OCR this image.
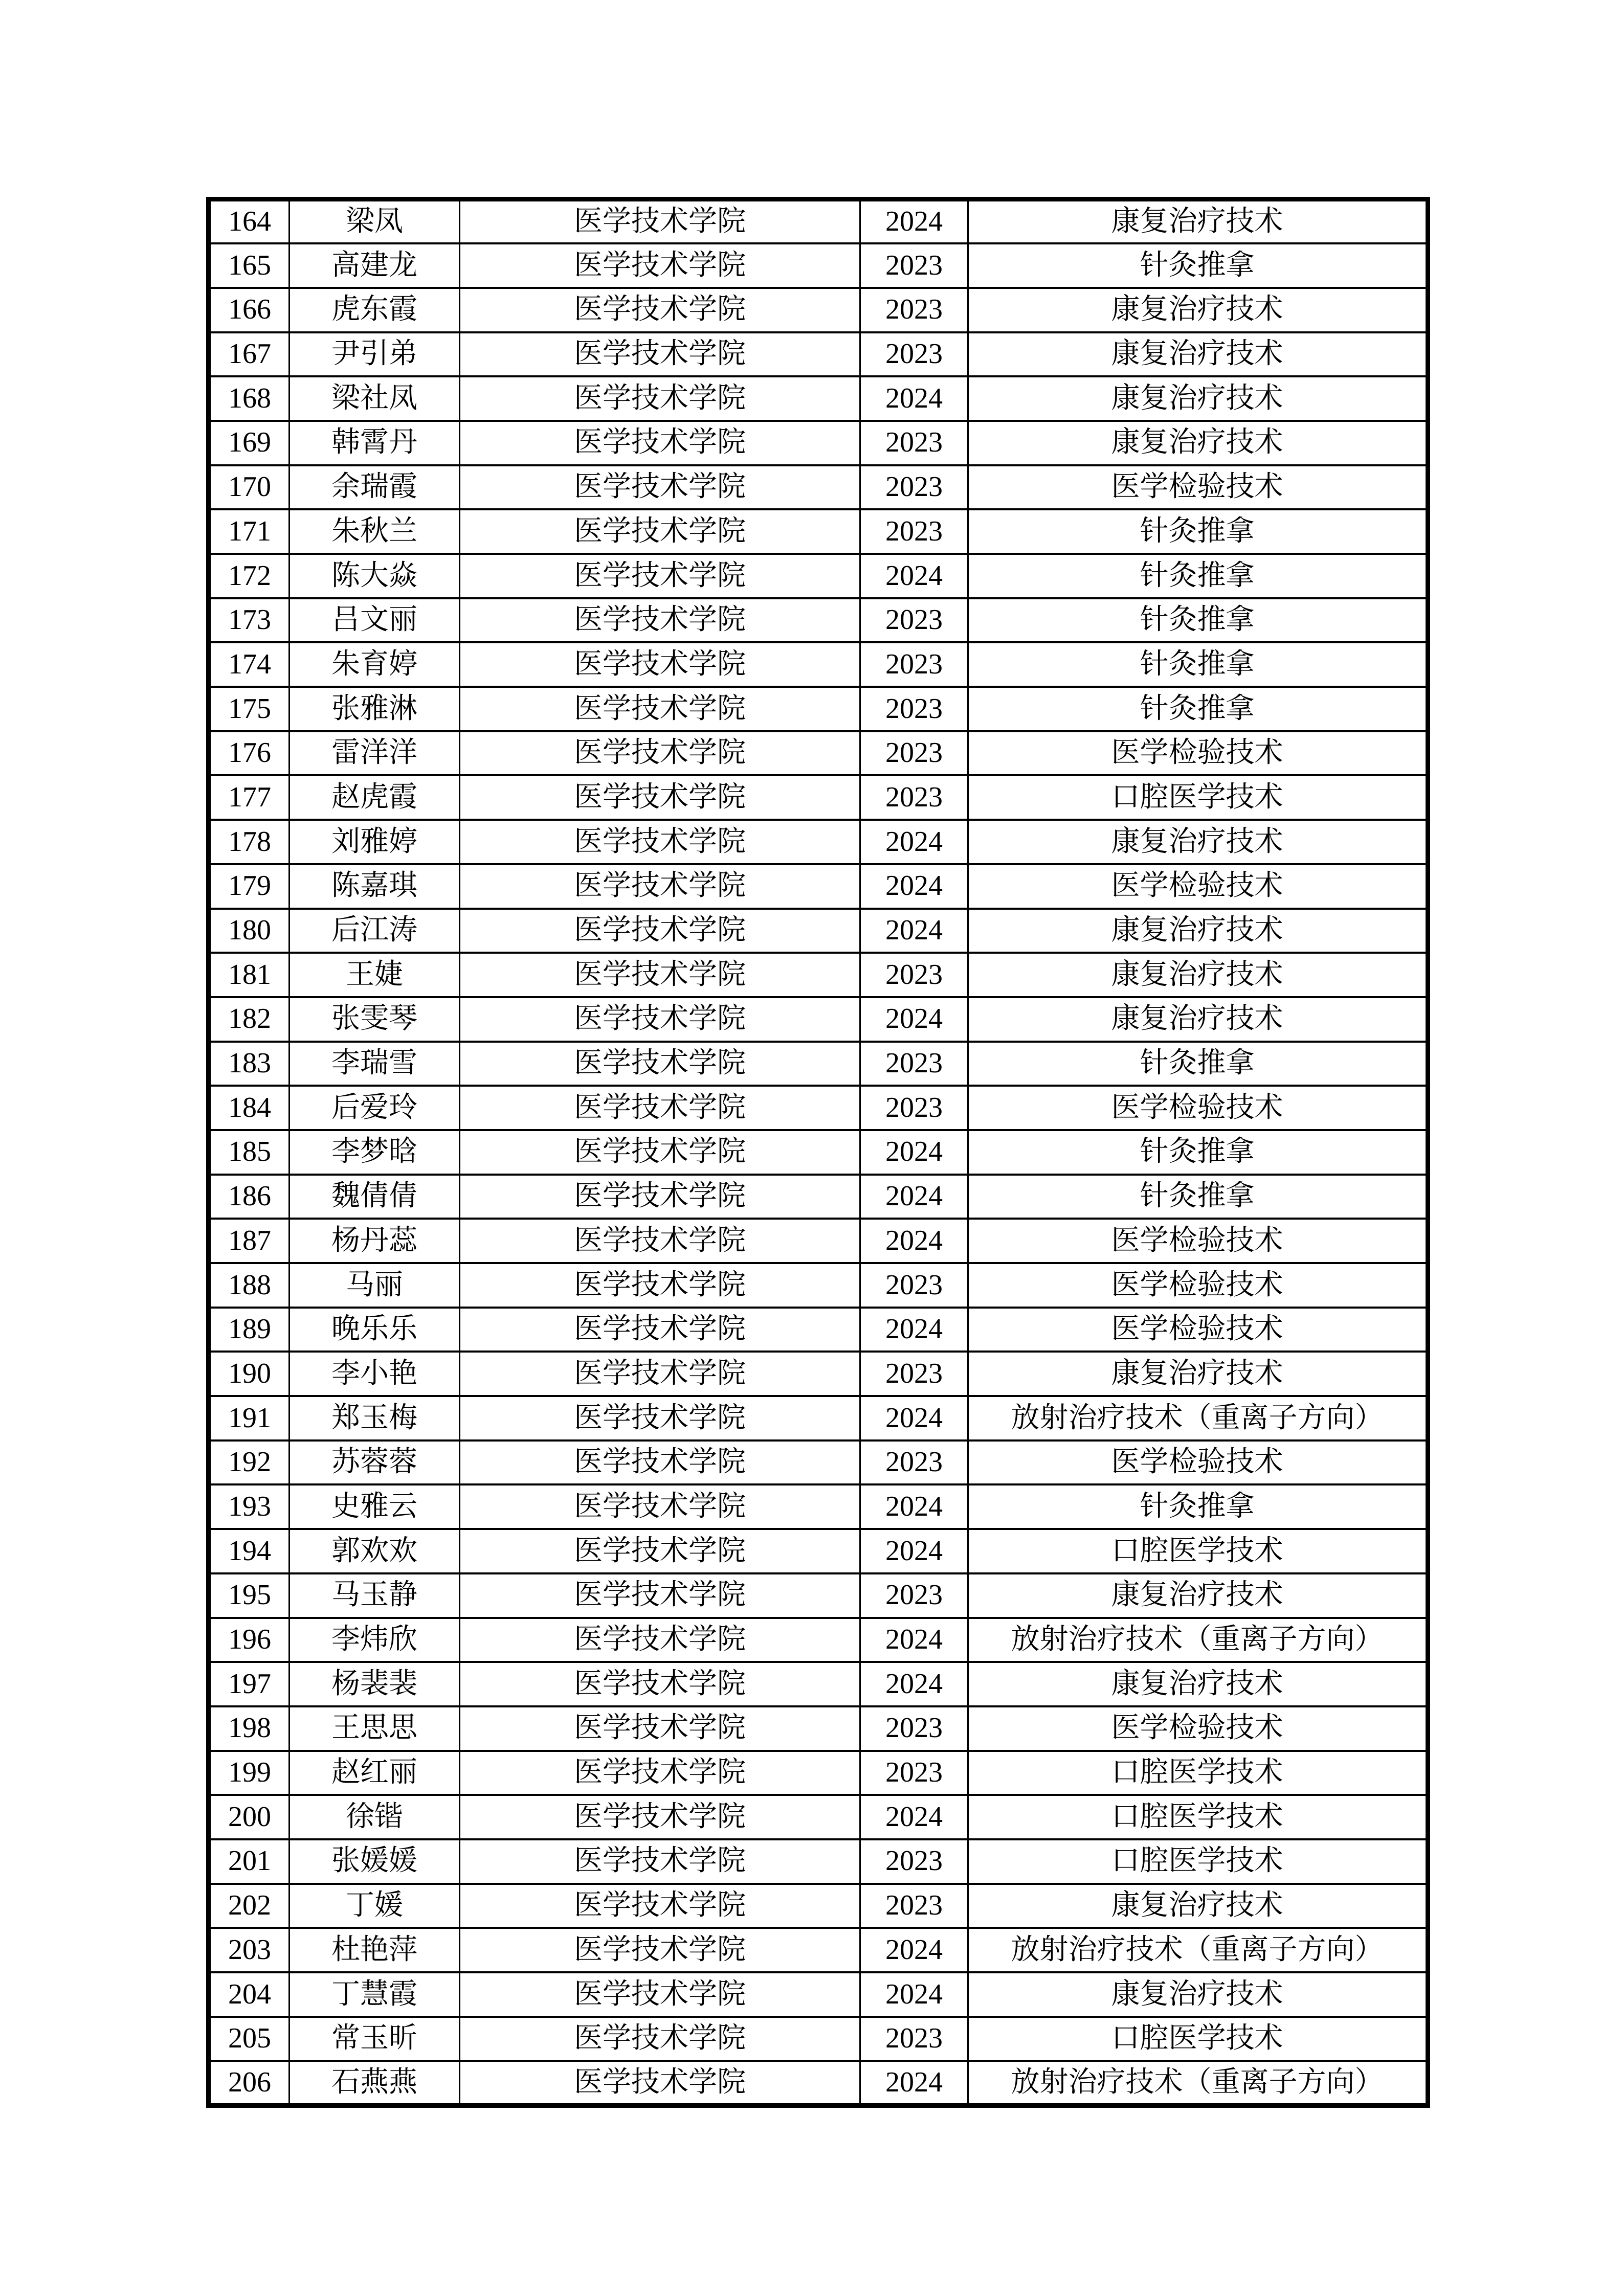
164	梁凤	医学技术学院	2024	康复治疗技术
165	高建龙	医学技术学院	2023	针灸推拿
166	虎东霞	医学技术学院	2023	康复治疗技术
167	尹引弟	医学技术学院	2023	康复治疗技术
168	梁社凤	医学技术学院	2024	康复治疗技术
169	韩霄丹	医学技术学院	2023	康复治疗技术
170	余瑞霞	医学技术学院	2023	医学检验技术
171	朱秋兰	医学技术学院	2023	针灸推拿
172	陈大焱	医学技术学院	2024	针灸推拿
173	吕文丽	医学技术学院	2023	针灸推拿
174	朱育婷	医学技术学院	2023	针灸推拿
175	张雅淋	医学技术学院	2023	针灸推拿
176	雷洋洋	医学技术学院	2023	医学检验技术
177	赵虎霞	医学技术学院	2023	口腔医学技术
178	刘雅婷	医学技术学院	2024	康复治疗技术
179	陈嘉琪	医学技术学院	2024	医学检验技术
180	后江涛	医学技术学院	2024	康复治疗技术
181	王婕	医学技术学院	2023	康复治疗技术
182	张雯琴	医学技术学院	2024	康复治疗技术
183	李瑞雪	医学技术学院	2023	针灸推拿
184	后爱玲	医学技术学院	2023	医学检验技术
185	李梦晗	医学技术学院	2024	针灸推拿
186	魏倩倩	医学技术学院	2024	针灸推拿
187	杨丹蕊	医学技术学院	2024	医学检验技术
188	马丽	医学技术学院	2023	医学检验技术
189	晚乐乐	医学技术学院	2024	医学检验技术
190	李小艳	医学技术学院	2023	康复治疗技术
191	郑玉梅	医学技术学院	2024	放射治疗技术（重离子方向）
192	苏蓉蓉	医学技术学院	2023	医学检验技术
193	史雅云	医学技术学院	2024	针灸推拿
194	郭欢欢	医学技术学院	2024	口腔医学技术
195	马玉静	医学技术学院	2023	康复治疗技术
196	李炜欣	医学技术学院	2024	放射治疗技术（重离子方向）
197	杨裴裴	医学技术学院	2024	康复治疗技术
198	王思思	医学技术学院	2023	医学检验技术
199	赵红丽	医学技术学院	2023	口腔医学技术
200	徐锴	医学技术学院	2024	口腔医学技术
201	张媛媛	医学技术学院	2023	口腔医学技术
202	丁媛	医学技术学院	2023	康复治疗技术
203	杜艳萍	医学技术学院	2024	放射治疗技术（重离子方向）
204	丁慧霞	医学技术学院	2024	康复治疗技术
205	常玉昕	医学技术学院	2023	口腔医学技术
206	石燕燕	医学技术学院	2024	放射治疗技术（重离子方向）
